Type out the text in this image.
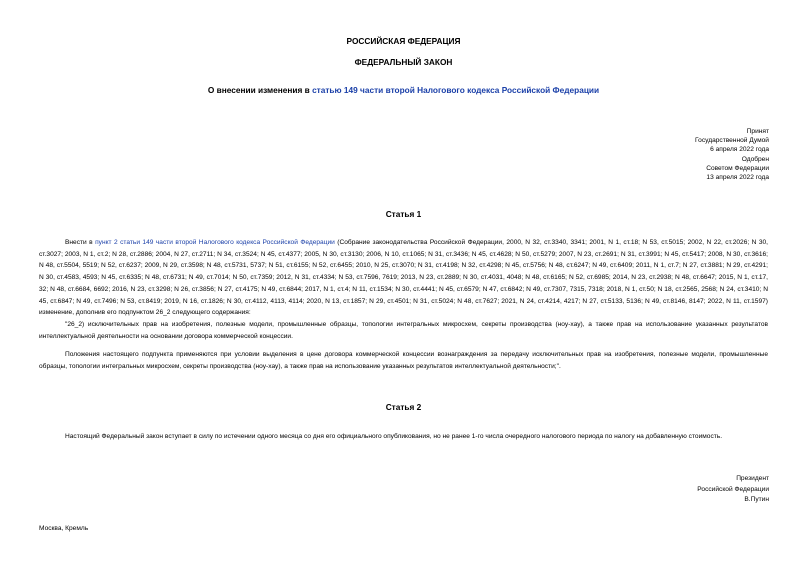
РОССИЙСКАЯ ФЕДЕРАЦИЯ
ФЕДЕРАЛЬНЫЙ ЗАКОН
О внесении изменения в статью 149 части второй Налогового кодекса Российской Федерации
Принят
Государственной Думой
6 апреля 2022 года
Одобрен
Советом Федерации
13 апреля 2022 года
Статья 1
Внести в пункт 2 статьи 149 части второй Налогового кодекса Российской Федерации (Собрание законодательства Российской Федерации, 2000, N 32, ст.3340, 3341; 2001, N 1, ст.18; N 53, ст.5015; 2002, N 22, ст.2026; N 30, ст.3027; 2003, N 1, ст.2; N 28, ст.2886; 2004, N 27, ст.2711; N 34, ст.3524; N 45, ст.4377; 2005, N 30, ст.3130; 2006, N 10, ст.1065; N 31, ст.3436; N 45, ст.4628; N 50, ст.5279; 2007, N 23, ст.2691; N 31, ст.3991; N 45, ст.5417; 2008, N 30, ст.3616; N 48, ст.5504, 5519; N 52, ст.6237; 2009, N 29, ст.3598; N 48, ст.5731, 5737; N 51, ст.6155; N 52, ст.6455; 2010, N 25, ст.3070; N 31, ст.4198; N 32, ст.4298; N 45, ст.5756; N 48, ст.6247; N 49, ст.6409; 2011, N 1, ст.7; N 27, ст.3881; N 29, ст.4291; N 30, ст.4583, 4593; N 45, ст.6335; N 48, ст.6731; N 49, ст.7014; N 50, ст.7359; 2012, N 31, ст.4334; N 53, ст.7596, 7619; 2013, N 23, ст.2889; N 30, ст.4031, 4048; N 48, ст.6165; N 52, ст.6985; 2014, N 23, ст.2938; N 48, ст.6647; 2015, N 1, ст.17, 32; N 48, ст.6684, 6692; 2016, N 23, ст.3298; N 26, ст.3856; N 27, ст.4175; N 49, ст.6844; 2017, N 1, ст.4; N 11, ст.1534; N 30, ст.4441; N 45, ст.6579; N 47, ст.6842; N 49, ст.7307, 7315, 7318; 2018, N 1, ст.50; N 18, ст.2565, 2568; N 24, ст.3410; N 45, ст.6847; N 49, ст.7496; N 53, ст.8419; 2019, N 16, ст.1826; N 30, ст.4112, 4113, 4114; 2020, N 13, ст.1857; N 29, ст.4501; N 31, ст.5024; N 48, ст.7627; 2021, N 24, ст.4214, 4217; N 27, ст.5133, 5136; N 49, ст.8146, 8147; 2022, N 11, ст.1597) изменение, дополнив его подпунктом 26_2 следующего содержания:
"26_2) исключительных прав на изобретения, полезные модели, промышленные образцы, топологии интегральных микросхем, секреты производства (ноу-хау), а также прав на использование указанных результатов интеллектуальной деятельности на основании договора коммерческой концессии.
Положения настоящего подпункта применяются при условии выделения в цене договора коммерческой концессии вознаграждения за передачу исключительных прав на изобретения, полезные модели, промышленные образцы, топологии интегральных микросхем, секреты производства (ноу-хау), а также прав на использование указанных результатов интеллектуальной деятельности;".
Статья 2
Настоящий Федеральный закон вступает в силу по истечении одного месяца со дня его официального опубликования, но не ранее 1-го числа очередного налогового периода по налогу на добавленную стоимость.
Президент
Российской Федерации
В.Путин
Москва, Кремль
